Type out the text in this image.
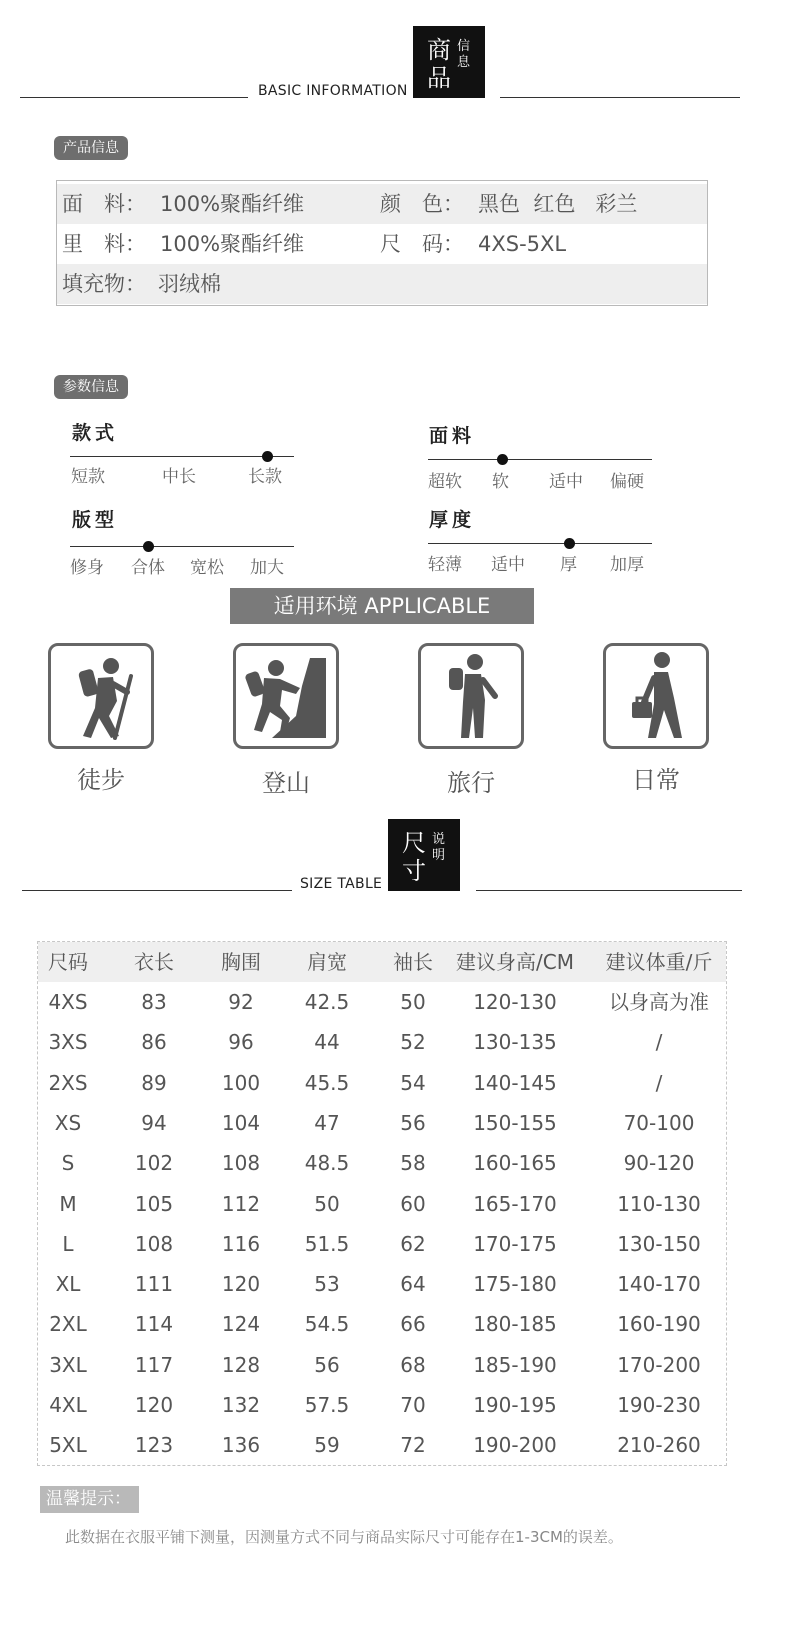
BASIC INFORMATION
商品
信息
产品信息
面　料： 100%聚酯纤维	颜　色： 黑色  红色   彩兰
里　料： 100%聚酯纤维	尺　码： 4XS-5XL
填充物： 羽绒棉
参数信息
款式
短款	中长	长款
面料
超软 软 适中 偏硬
版型
修身 合体 宽松 加大
厚度
轻薄 适中 厚 加厚
适用环境 APPLICABLE
徒步	登山	旅行	日常
SIZE TABLE
尺寸
说明
尺码	衣长	胸围	肩宽	袖长	建议身高/CM	建议体重/斤
4XS	83	92	42.5	50	120-130	以身高为准
3XS	86	96	44	52	130-135	/
2XS	89	100	45.5	54	140-145	/
XS	94	104	47	56	150-155	70-100
S	102	108	48.5	58	160-165	90-120
M	105	112	50	60	165-170	110-130
L	108	116	51.5	62	170-175	130-150
XL	111	120	53	64	175-180	140-170
2XL	114	124	54.5	66	180-185	160-190
3XL	117	128	56	68	185-190	170-200
4XL	120	132	57.5	70	190-195	190-230
5XL	123	136	59	72	190-200	210-260
温馨提示：
此数据在衣服平铺下测量，因测量方式不同与商品实际尺寸可能存在1-3CM的误差。
